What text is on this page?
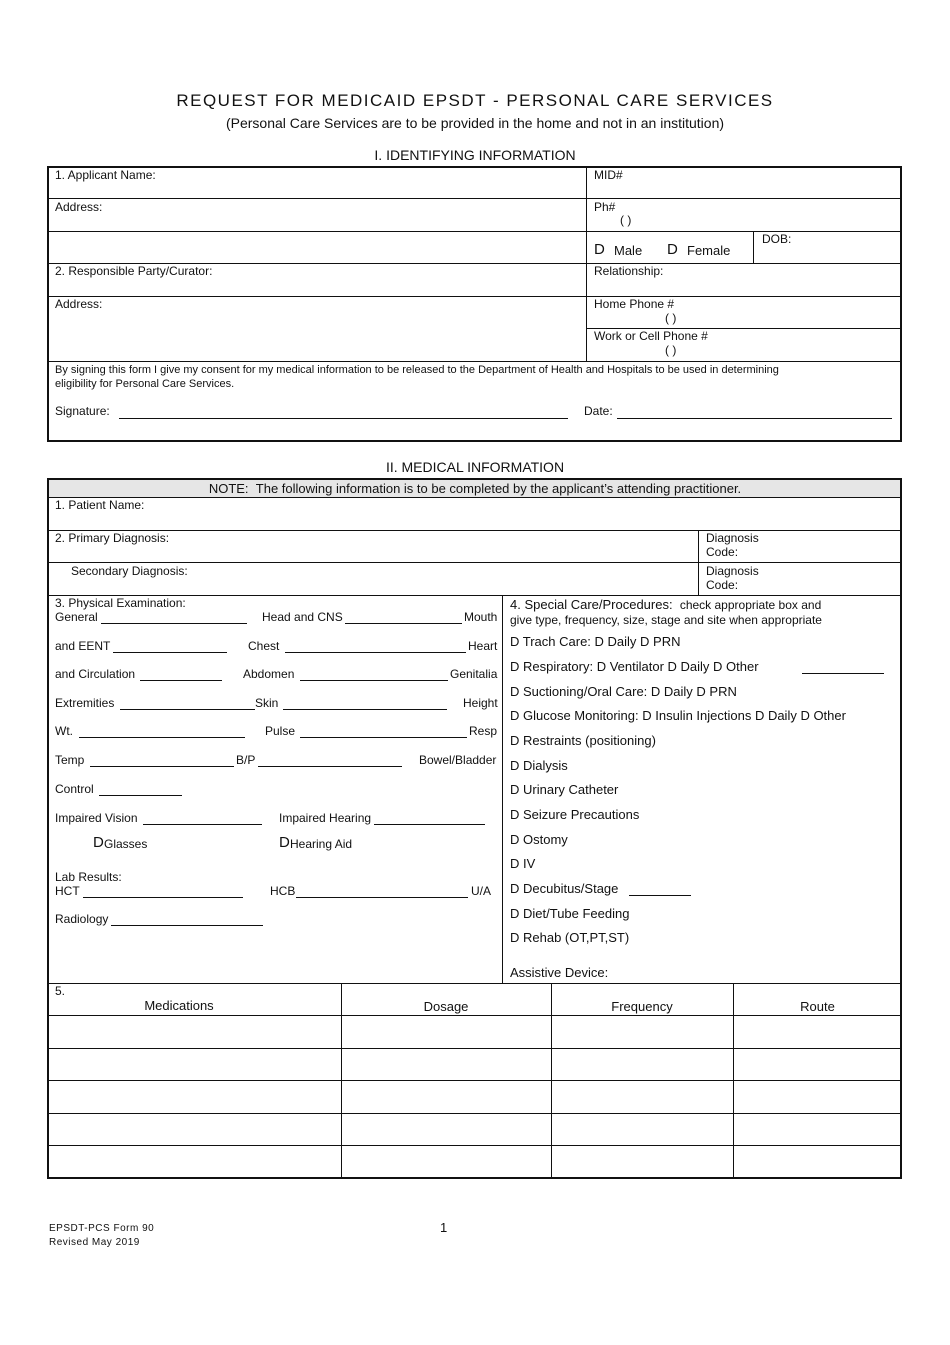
REQUEST FOR MEDICAID EPSDT - PERSONAL CARE SERVICES
(Personal Care Services are to be provided in the home and not in an institution)
I. IDENTIFYING INFORMATION
1. Applicant Name:	MID#
Address:	Ph#
( )
D Male D Female
DOB:
2. Responsible Party/Curator:	Relationship:
Address:	Home Phone #
( )
Work or Cell Phone #
( )
By signing this form I give my consent for my medical information to be released to the Department of Health and Hospitals to be used in determining
eligibility for Personal Care Services.
Signature:	Date:
II. MEDICAL INFORMATION
NOTE: The following information is to be completed by the applicant’s attending practitioner.
1. Patient Name:
2. Primary Diagnosis:	Diagnosis
Code:
Secondary Diagnosis:	Diagnosis
Code:
3. Physical Examination:
General	Head and CNS	Mouth
and EENT	Chest	Heart
and Circulation	Abdomen	Genitalia
Extremities	Skin	Height
Wt.	Pulse	Resp
Temp	B/P	Bowel/Bladder
Control
Impaired Vision	Impaired Hearing
D Glasses	D Hearing Aid
Lab Results:
HCT	HCB	U/A
Radiology
4. Special Care/Procedures: check appropriate box and
give type, frequency, size, stage and site when appropriate
D Trach Care: D Daily D PRN
D Respiratory: D Ventilator D Daily D Other
D Suctioning/Oral Care: D Daily D PRN
D Glucose Monitoring: D Insulin Injections D Daily D Other
D Restraints (positioning)
D Dialysis
D Urinary Catheter
D Seizure Precautions
D Ostomy
D IV
D Decubitus/Stage
D Diet/Tube Feeding
D Rehab (OT,PT,ST)
Assistive Device:
5.
Medications	Dosage	Frequency	Route
EPSDT-PCS Form 90
Revised May 2019
1
